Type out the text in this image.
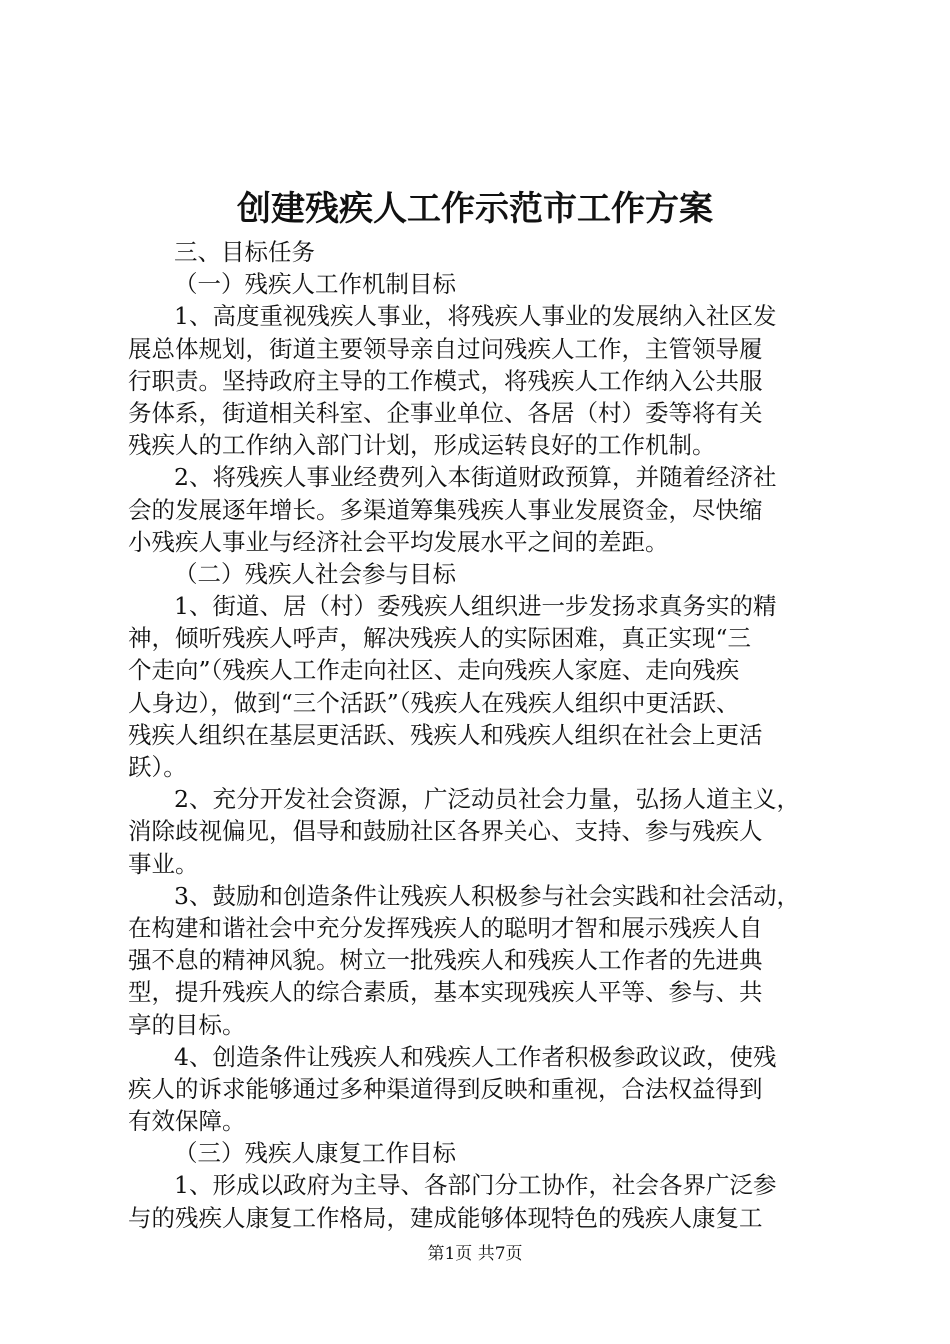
创建残疾人工作示范市工作方案
三、目标任务
（一）残疾人工作机制目标
1、高度重视残疾人事业，将残疾人事业的发展纳入社区发
展总体规划，街道主要领导亲自过问残疾人工作，主管领导履
行职责。坚持政府主导的工作模式，将残疾人工作纳入公共服
务体系，街道相关科室、企事业单位、各居（村）委等将有关
残疾人的工作纳入部门计划，形成运转良好的工作机制。
2、将残疾人事业经费列入本街道财政预算，并随着经济社
会的发展逐年增长。多渠道筹集残疾人事业发展资金，尽快缩
小残疾人事业与经济社会平均发展水平之间的差距。
（二）残疾人社会参与目标
1、街道、居（村）委残疾人组织进一步发扬求真务实的精
神，倾听残疾人呼声，解决残疾人的实际困难，真正实现“三
个走向”（残疾人工作走向社区、走向残疾人家庭、走向残疾
人身边），做到“三个活跃”（残疾人在残疾人组织中更活跃、
残疾人组织在基层更活跃、残疾人和残疾人组织在社会上更活
跃）。
2、充分开发社会资源，广泛动员社会力量，弘扬人道主义，
消除歧视偏见，倡导和鼓励社区各界关心、支持、参与残疾人
事业。
3、鼓励和创造条件让残疾人积极参与社会实践和社会活动，
在构建和谐社会中充分发挥残疾人的聪明才智和展示残疾人自
强不息的精神风貌。树立一批残疾人和残疾人工作者的先进典
型，提升残疾人的综合素质，基本实现残疾人平等、参与、共
享的目标。
4、创造条件让残疾人和残疾人工作者积极参政议政，使残
疾人的诉求能够通过多种渠道得到反映和重视，合法权益得到
有效保障。
（三）残疾人康复工作目标
1、形成以政府为主导、各部门分工协作，社会各界广泛参
与的残疾人康复工作格局，建成能够体现特色的残疾人康复工
第1页 共7页
